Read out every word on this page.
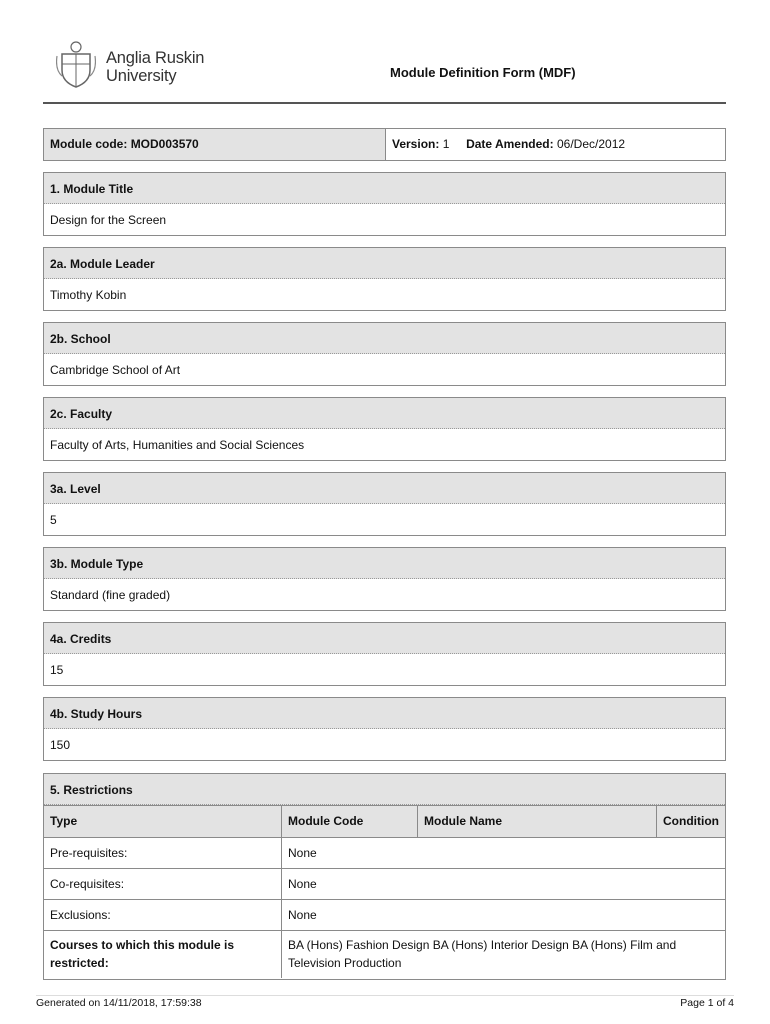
Anglia Ruskin
University	Module Definition Form (MDF)
Module code: MOD003570	Version: 1 Date Amended: 06/Dec/2012
1. Module Title
Design for the Screen
2a. Module Leader
Timothy Kobin
2b. School
Cambridge School of Art
2c. Faculty
Faculty of Arts, Humanities and Social Sciences
3a. Level
5
3b. Module Type
Standard (fine graded)
4a. Credits
15
4b. Study Hours
150
5. Restrictions
Type	Module Code	Module Name	Condition
Pre-requisites:	None
Co-requisites:	None
Exclusions:	None
Courses to which this module is restricted:
BA (Hons) Fashion Design BA (Hons) Interior Design BA (Hons) Film and Television Production
Generated on 14/11/2018, 17:59:38	Page 1 of 4
